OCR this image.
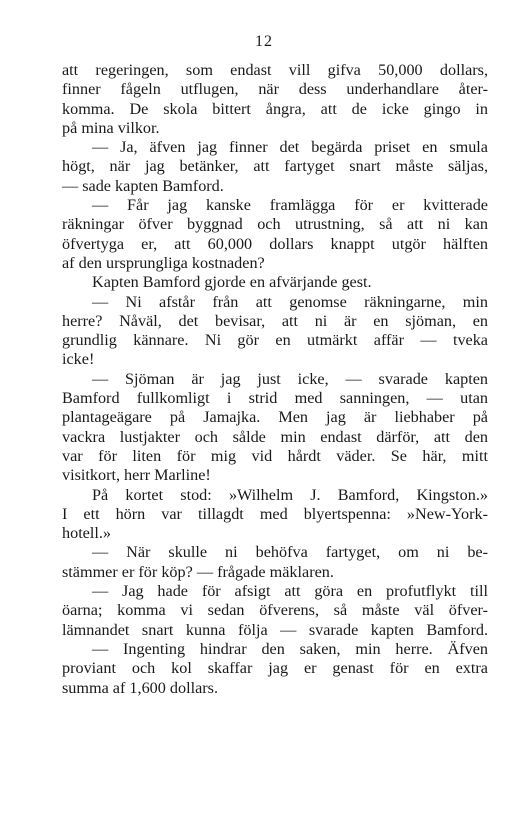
12
att regeringen, som endast vill gifva 50,000 dollars,
finner fågeln utflugen, när dess underhandlare åter-
komma. De skola bittert ångra, att de icke gingo in
på mina vilkor.
— Ja, äfven jag finner det begärda priset en smula
högt, när jag betänker, att fartyget snart måste säljas,
— sade kapten Bamford.
— Får jag kanske framlägga för er kvitterade
räkningar öfver byggnad och utrustning, så att ni kan
öfvertyga er, att 60,000 dollars knappt utgör hälften
af den ursprungliga kostnaden?
Kapten Bamford gjorde en afvärjande gest.
— Ni afstår från att genomse räkningarne, min
herre? Nåväl, det bevisar, att ni är en sjöman, en
grundlig kännare. Ni gör en utmärkt affär — tveka
icke!
— Sjöman är jag just icke, — svarade kapten
Bamford fullkomligt i strid med sanningen, — utan
plantageägare på Jamajka. Men jag är liebhaber på
vackra lustjakter och sålde min endast därför, att den
var för liten för mig vid hårdt väder. Se här, mitt
visitkort, herr Marline!
På kortet stod: »Wilhelm J. Bamford, Kingston.»
I ett hörn var tillagdt med blyertspenna: »New-York-
hotell.»
— När skulle ni behöfva fartyget, om ni be-
stämmer er för köp? — frågade mäklaren.
— Jag hade för afsigt att göra en profutflykt till
öarna; komma vi sedan öfverens, så måste väl öfver-
lämnandet snart kunna följa — svarade kapten Bamford.
— Ingenting hindrar den saken, min herre. Äfven
proviant och kol skaffar jag er genast för en extra
summa af 1,600 dollars.
